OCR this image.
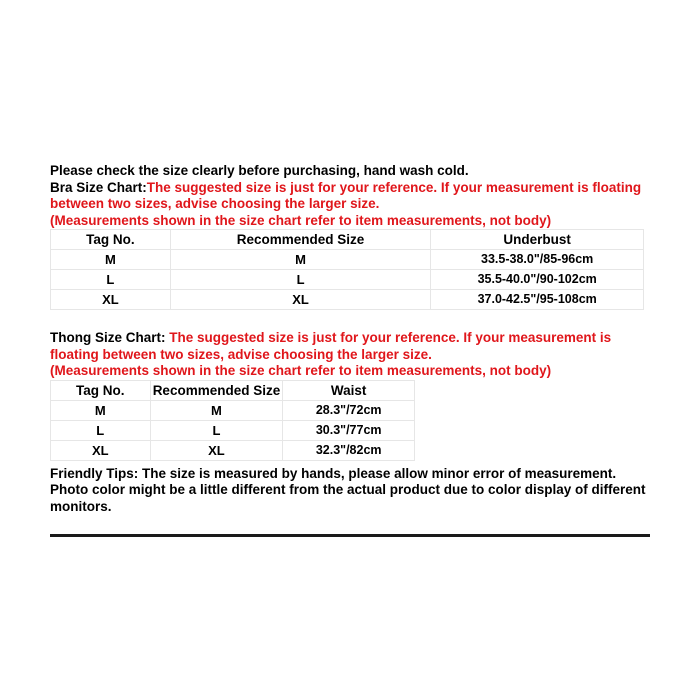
Please check the size clearly before purchasing, hand wash cold.

Bra Size Chart:The suggested size is just for your reference. If your measurement is floating between two sizes, advise choosing the larger size.

(Measurements shown in the size chart refer to item measurements, not body)

Tag No.	Recommended Size	Underbust
M	M	33.5-38.0"/85-96cm
L	L	35.5-40.0"/90-102cm
XL	XL	37.0-42.5"/95-108cm

Thong Size Chart: The suggested size is just for your reference. If your measurement is floating between two sizes, advise choosing the larger size.

(Measurements shown in the size chart refer to item measurements, not body)

Tag No.	Recommended Size	Waist
M	M	28.3"/72cm
L	L	30.3"/77cm
XL	XL	32.3"/82cm

Friendly Tips: The size is measured by hands, please allow minor error of measurement. Photo color might be a little different from the actual product due to color display of different monitors.
